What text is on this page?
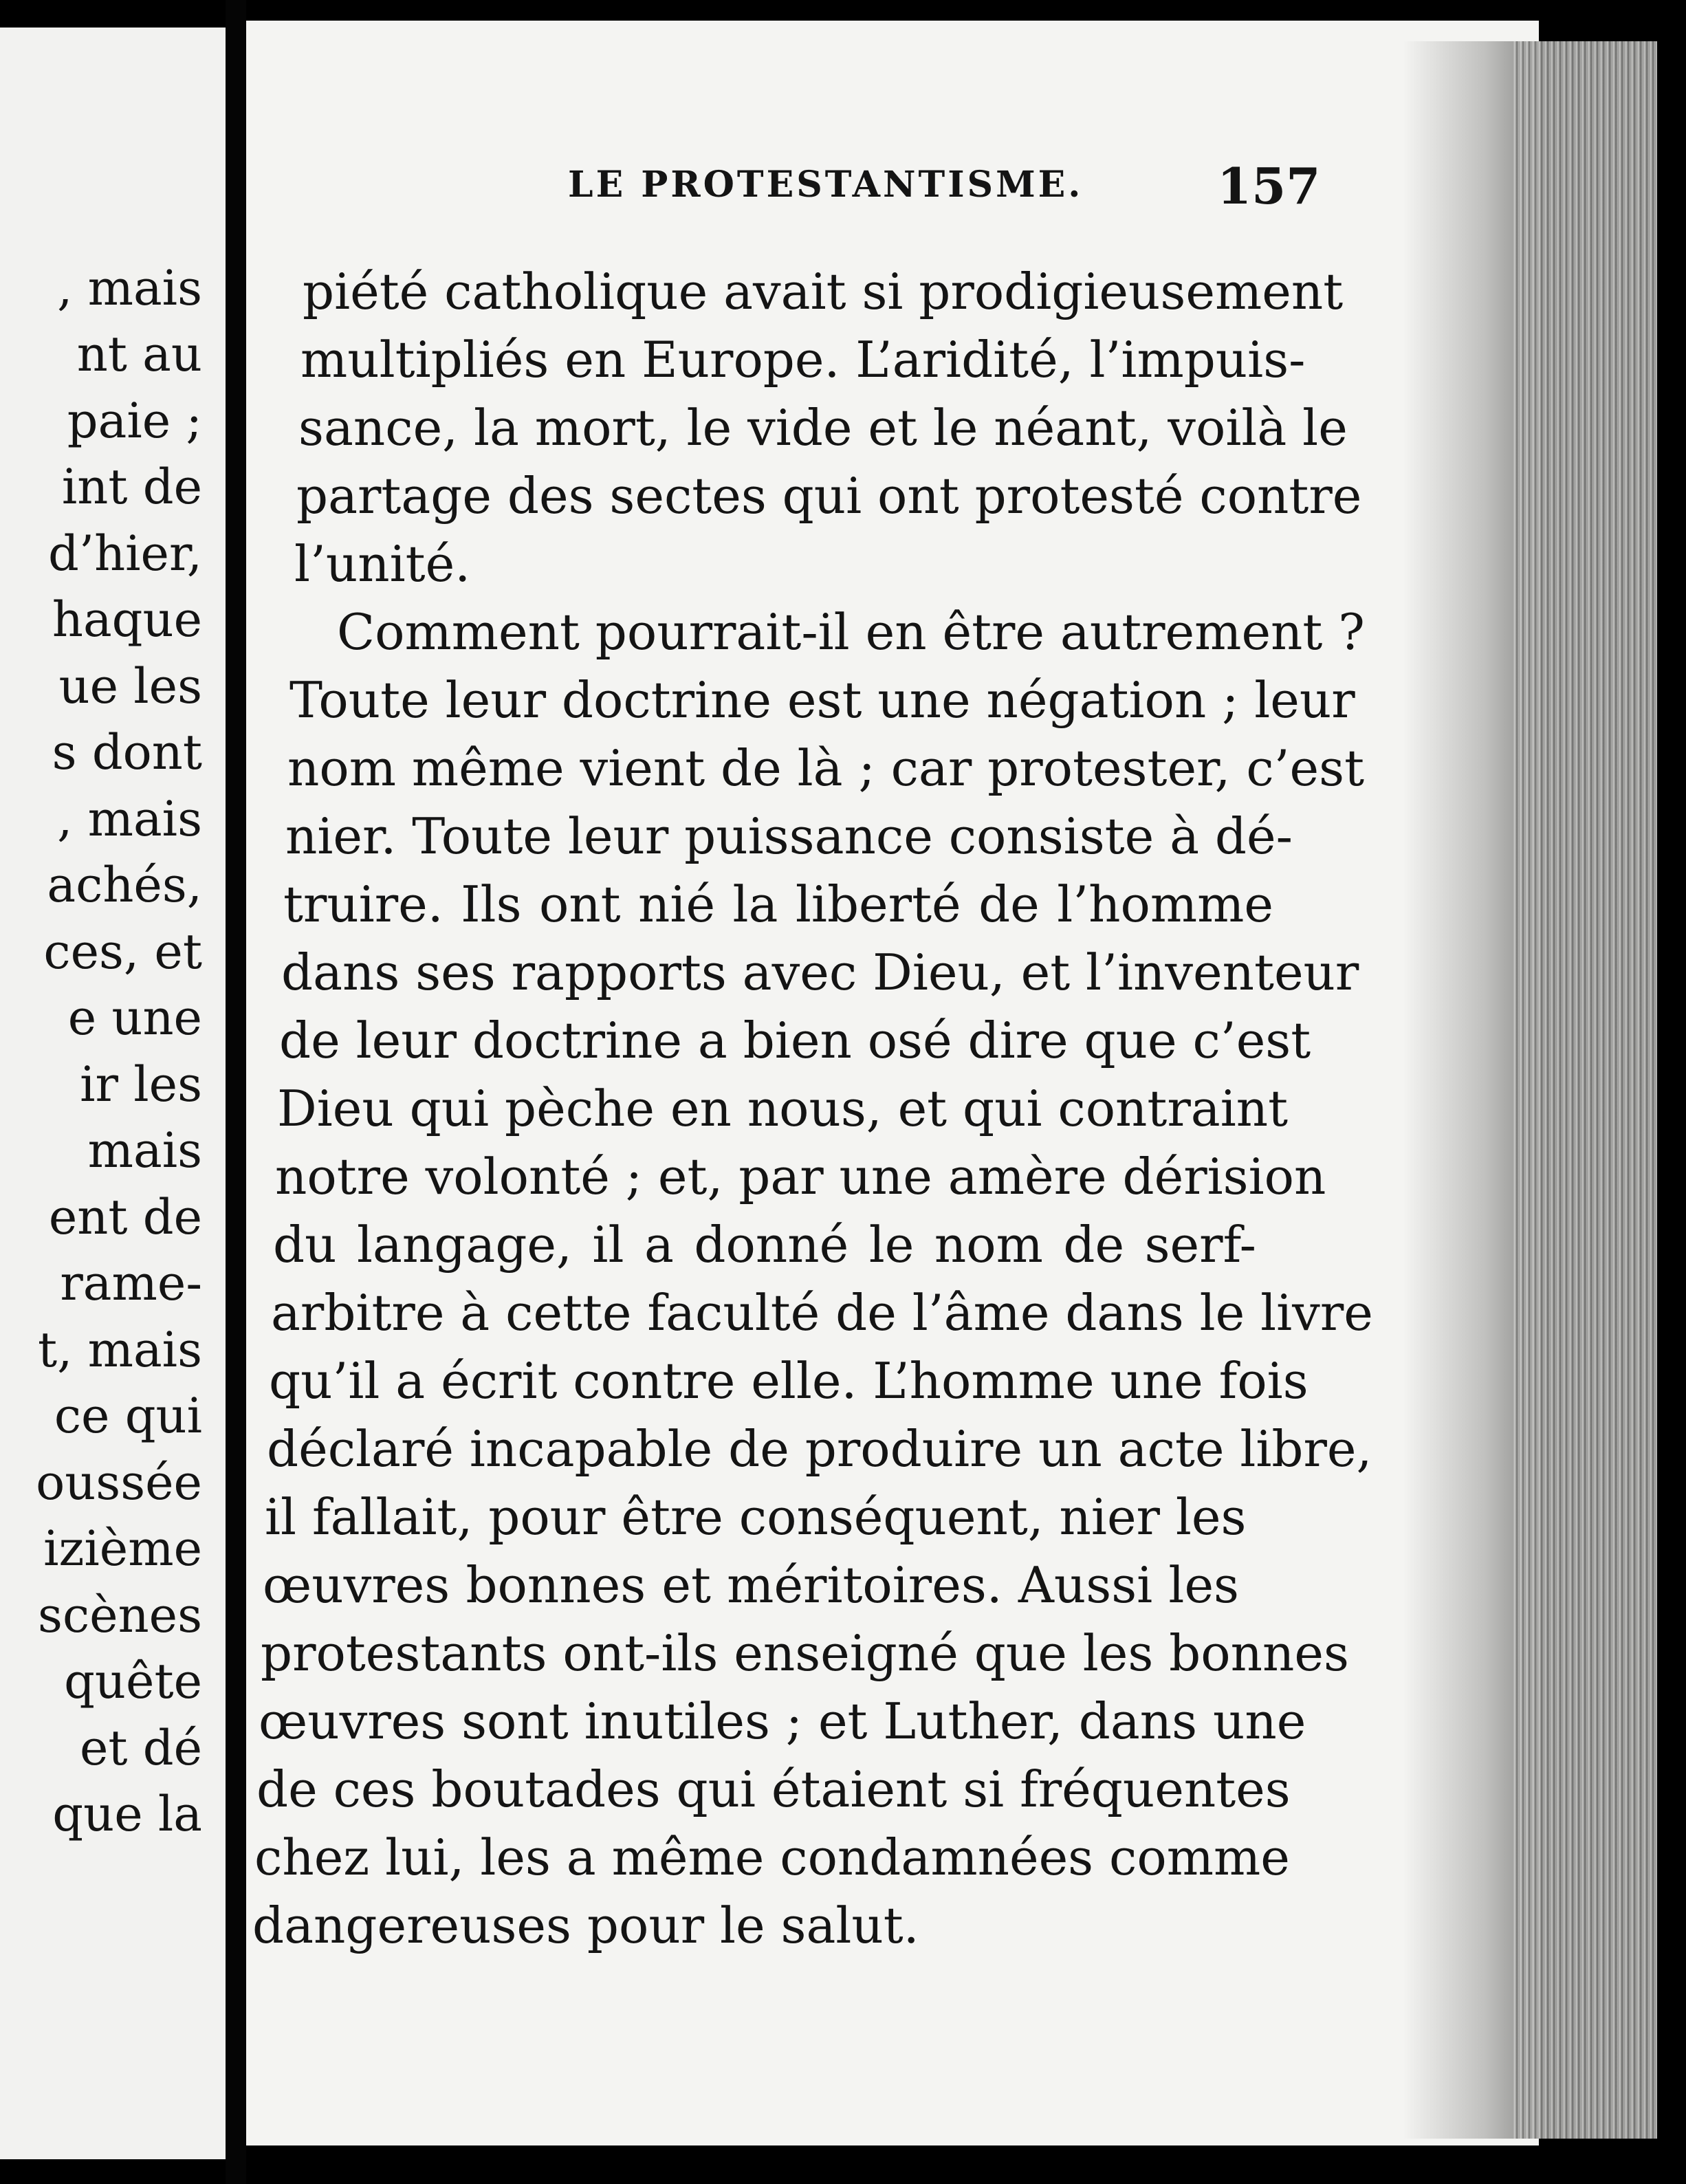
, mais
nt au
paie ;
int de
d’hier,
haque
ue les
s dont
, mais
achés,
ces, et
e une
ir les
mais
ent de
rame-
t, mais
ce qui
oussée
izième
scènes
quête
et dé
que la
LE PROTESTANTISME.	157
piété catholique avait si prodigieusement
multipliés en Europe. L’aridité, l’impuis-
sance, la mort, le vide et le néant, voilà le
partage des sectes qui ont protesté contre
l’unité.
Comment pourrait-il en être autrement ?
Toute leur doctrine est une négation ; leur
nom même vient de là ; car protester, c’est
nier. Toute leur puissance consiste à dé-
truire. Ils ont nié la liberté de l’homme
dans ses rapports avec Dieu, et l’inventeur
de leur doctrine a bien osé dire que c’est
Dieu qui pèche en nous, et qui contraint
notre volonté ; et, par une amère dérision
du langage, il a donné le nom de serf-
arbitre à cette faculté de l’âme dans le livre
qu’il a écrit contre elle. L’homme une fois
déclaré incapable de produire un acte libre,
il fallait, pour être conséquent, nier les
œuvres bonnes et méritoires. Aussi les
protestants ont-ils enseigné que les bonnes
œuvres sont inutiles ; et Luther, dans une
de ces boutades qui étaient si fréquentes
chez lui, les a même condamnées comme
dangereuses pour le salut.
